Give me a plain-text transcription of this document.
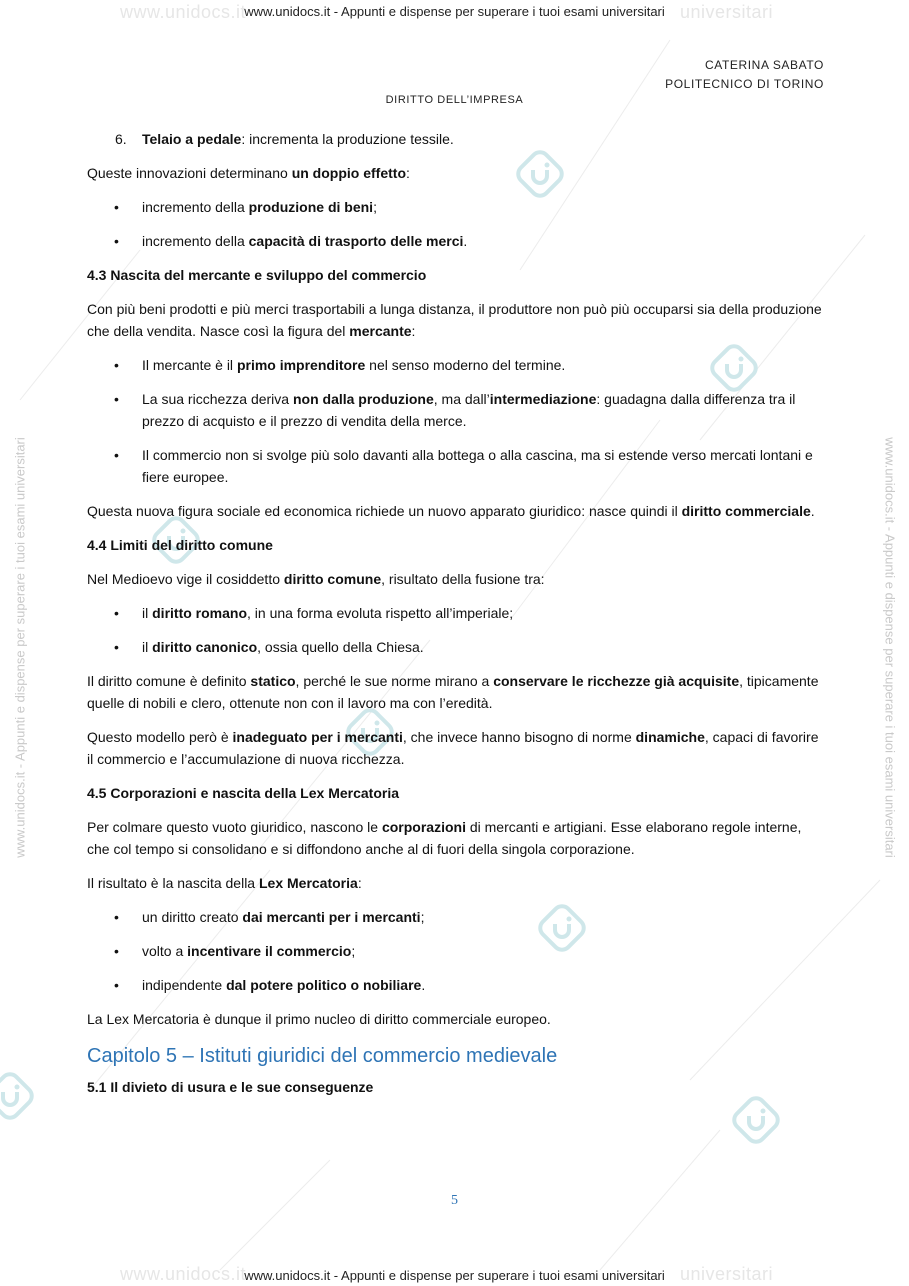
www.unidocs.it	universitari
www.unidocs.it	universitari
www.unidocs.it - Appunti e dispense per superare i tuoi esami universitari	www.unidocs.it - Appunti e dispense per superare i tuoi esami universitari
www.unidocs.it - Appunti e dispense per superare i tuoi esami universitari
www.unidocs.it - Appunti e dispense per superare i tuoi esami universitari
CATERINA SABATO
POLITECNICO DI TORINO
DIRITTO DELL’IMPRESA
6. Telaio a pedale: incrementa la produzione tessile.

Queste innovazioni determinano un doppio effetto:

• incremento della produzione di beni;
• incremento della capacità di trasporto delle merci.
4.3 Nascita del mercante e sviluppo del commercio

Con più beni prodotti e più merci trasportabili a lunga distanza, il produttore non può più occuparsi sia della produzione che della vendita. Nasce così la figura del mercante:

• Il mercante è il primo imprenditore nel senso moderno del termine.
• La sua ricchezza deriva non dalla produzione, ma dall’intermediazione: guadagna dalla differenza tra il prezzo di acquisto e il prezzo di vendita della merce.
• Il commercio non si svolge più solo davanti alla bottega o alla cascina, ma si estende verso mercati lontani e fiere europee.

Questa nuova figura sociale ed economica richiede un nuovo apparato giuridico: nasce quindi il diritto commerciale.

4.4 Limiti del diritto comune

Nel Medioevo vige il cosiddetto diritto comune, risultato della fusione tra:

• il diritto romano, in una forma evoluta rispetto all’imperiale;
• il diritto canonico, ossia quello della Chiesa.

Il diritto comune è definito statico, perché le sue norme mirano a conservare le ricchezze già acquisite, tipicamente quelle di nobili e clero, ottenute non con il lavoro ma con l’eredità.

Questo modello però è inadeguato per i mercanti, che invece hanno bisogno di norme dinamiche, capaci di favorire il commercio e l’accumulazione di nuova ricchezza.

4.5 Corporazioni e nascita della Lex Mercatoria

Per colmare questo vuoto giuridico, nascono le corporazioni di mercanti e artigiani. Esse elaborano regole interne, che col tempo si consolidano e si diffondono anche al di fuori della singola corporazione.

Il risultato è la nascita della Lex Mercatoria:

• un diritto creato dai mercanti per i mercanti;
• volto a incentivare il commercio;
• indipendente dal potere politico o nobiliare.

La Lex Mercatoria è dunque il primo nucleo di diritto commerciale europeo.

Capitolo 5 – Istituti giuridici del commercio medievale
5.1 Il divieto di usura e le sue conseguenze
5
